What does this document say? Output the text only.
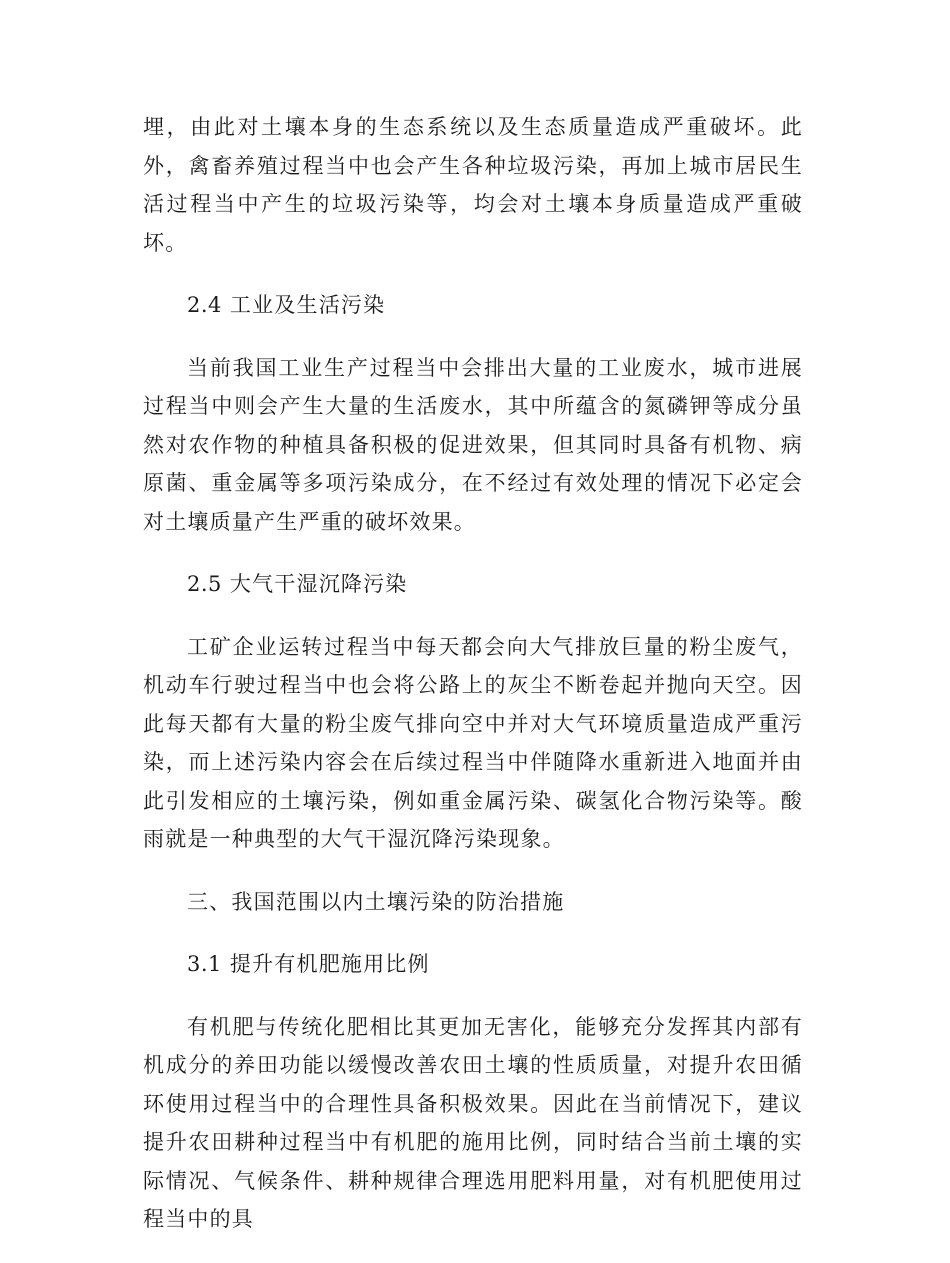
埋，由此对土壤本身的生态系统以及生态质量造成严重破坏。此外，禽畜养殖过程当中也会产生各种垃圾污染，再加上城市居民生活过程当中产生的垃圾污染等，均会对土壤本身质量造成严重破坏。

2.4 工业及生活污染

当前我国工业生产过程当中会排出大量的工业废水，城市进展过程当中则会产生大量的生活废水，其中所蕴含的氮磷钾等成分虽然对农作物的种植具备积极的促进效果，但其同时具备有机物、病原菌、重金属等多项污染成分，在不经过有效处理的情况下必定会对土壤质量产生严重的破坏效果。

2.5 大气干湿沉降污染

工矿企业运转过程当中每天都会向大气排放巨量的粉尘废气，机动车行驶过程当中也会将公路上的灰尘不断卷起并抛向天空。因此每天都有大量的粉尘废气排向空中并对大气环境质量造成严重污染，而上述污染内容会在后续过程当中伴随降水重新进入地面并由此引发相应的土壤污染，例如重金属污染、碳氢化合物污染等。酸雨就是一种典型的大气干湿沉降污染现象。

三、我国范围以内土壤污染的防治措施
3.1 提升有机肥施用比例

有机肥与传统化肥相比其更加无害化，能够充分发挥其内部有机成分的养田功能以缓慢改善农田土壤的性质质量，对提升农田循环使用过程当中的合理性具备积极效果。因此在当前情况下，建议提升农田耕种过程当中有机肥的施用比例，同时结合当前土壤的实际情况、气候条件、耕种规律合理选用肥料用量，对有机肥使用过程当中的具
